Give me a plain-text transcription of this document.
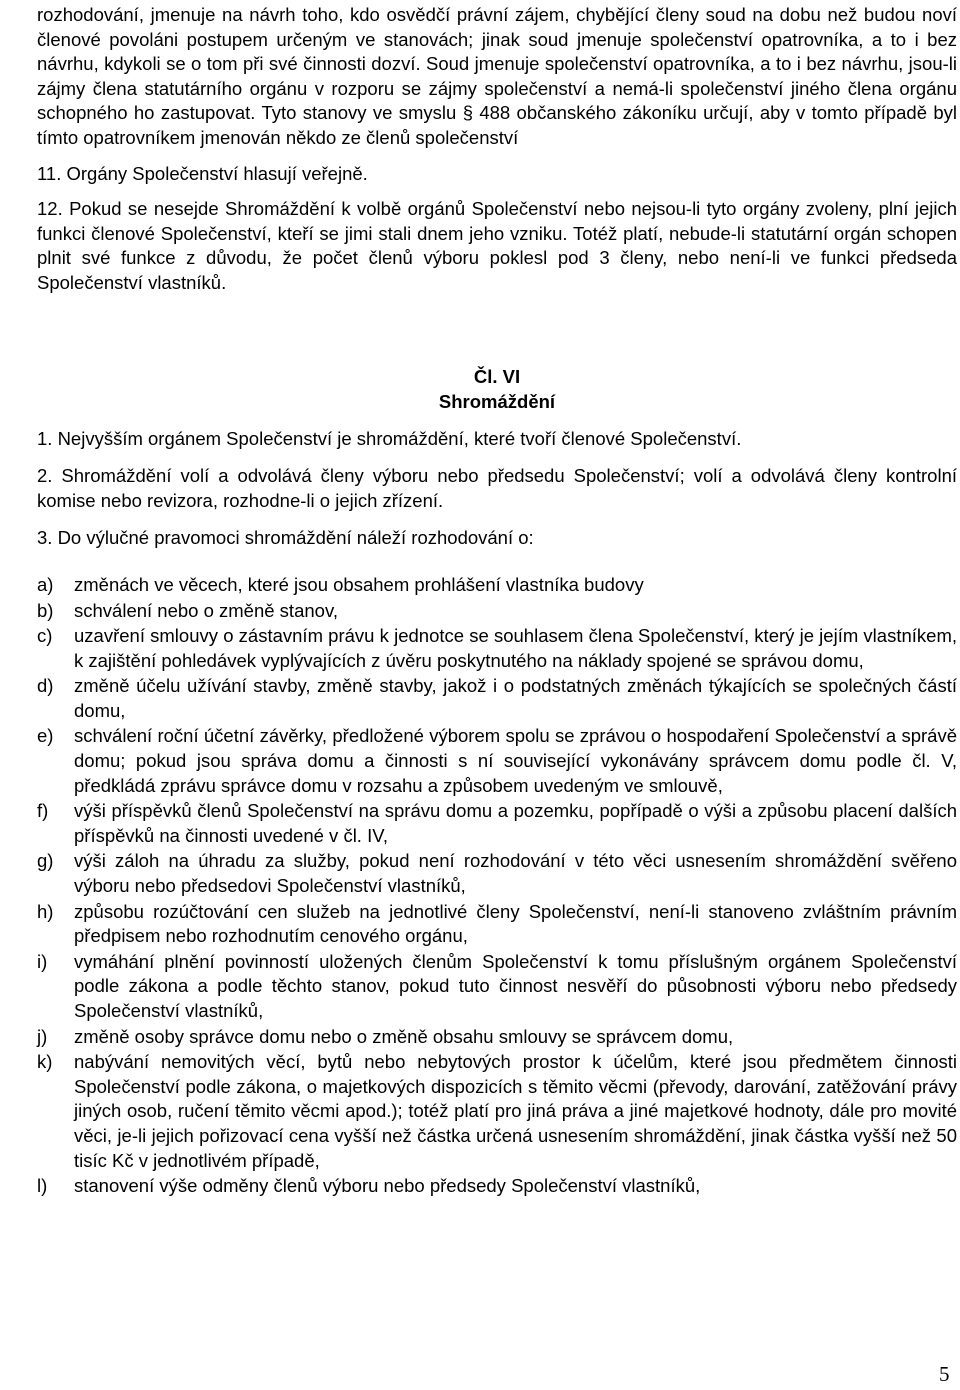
rozhodování, jmenuje na návrh toho, kdo osvědčí právní zájem, chybějící členy soud na dobu než budou noví členové povoláni postupem určeným ve stanovách; jinak soud jmenuje společenství opatrovníka, a to i bez návrhu, kdykoli se o tom při své činnosti dozví. Soud jmenuje společenství opatrovníka, a to i bez návrhu, jsou-li zájmy člena statutárního orgánu v rozporu se zájmy společenství a nemá-li společenství jiného člena orgánu schopného ho zastupovat. Tyto stanovy ve smyslu § 488 občanského zákoníku určují, aby v tomto případě byl tímto opatrovníkem jmenován někdo ze členů společenství

11. Orgány Společenství hlasují veřejně.

12. Pokud se nesejde Shromáždění k volbě orgánů Společenství nebo nejsou-li tyto orgány zvoleny, plní jejich funkci členové Společenství, kteří se jimi stali dnem jeho vzniku. Totéž platí, nebude-li statutární orgán schopen plnit své funkce z důvodu, že počet členů výboru poklesl pod 3 členy, nebo není-li ve funkci předseda Společenství vlastníků.

Čl. VI
Shromáždění

1. Nejvyšším orgánem Společenství je shromáždění, které tvoří členové Společenství.

2. Shromáždění volí a odvolává členy výboru nebo předsedu Společenství; volí a odvolává členy kontrolní komise nebo revizora, rozhodne-li o jejich zřízení.

3. Do výlučné pravomoci shromáždění náleží rozhodování o:

a)	změnách ve věcech, které jsou obsahem prohlášení vlastníka budovy
b)	schválení nebo o změně stanov,
c)	uzavření smlouvy o zástavním právu k jednotce se souhlasem člena Společenství, který je jejím vlastníkem, k zajištění pohledávek vyplývajících z úvěru poskytnutého na náklady spojené se správou domu,
d)	změně účelu užívání stavby, změně stavby, jakož i o podstatných změnách týkajících se společných částí domu,
e)	schválení roční účetní závěrky, předložené výborem spolu se zprávou o hospodaření Společenství a správě domu; pokud jsou správa domu a činnosti s ní související vykonávány správcem domu podle čl. V, předkládá zprávu správce domu v rozsahu a způsobem uvedeným ve smlouvě,
f)	výši příspěvků členů Společenství na správu domu a pozemku, popřípadě o výši a způsobu placení dalších příspěvků na činnosti uvedené v čl. IV,
g)	výši záloh na úhradu za služby, pokud není rozhodování v této věci usnesením shromáždění svěřeno výboru nebo předsedovi Společenství vlastníků,
h)	způsobu rozúčtování cen služeb na jednotlivé členy Společenství, není-li stanoveno zvláštním právním předpisem nebo rozhodnutím cenového orgánu,
i)	vymáhání plnění povinností uložených členům Společenství k tomu příslušným orgánem Společenství podle zákona a podle těchto stanov, pokud tuto činnost nesvěří do působnosti výboru nebo předsedy Společenství vlastníků,
j)	změně osoby správce domu nebo o změně obsahu smlouvy se správcem domu,
k)	nabývání nemovitých věcí, bytů nebo nebytových prostor k účelům, které jsou předmětem činnosti Společenství podle zákona, o majetkových dispozicích s těmito věcmi (převody, darování, zatěžování právy jiných osob, ručení těmito věcmi apod.); totéž platí pro jiná práva a jiné majetkové hodnoty, dále pro movité věci, je-li jejich pořizovací cena vyšší než částka určená usnesením shromáždění, jinak částka vyšší než 50 tisíc Kč v jednotlivém případě,
l)	stanovení výše odměny členů výboru nebo předsedy Společenství vlastníků,
5
